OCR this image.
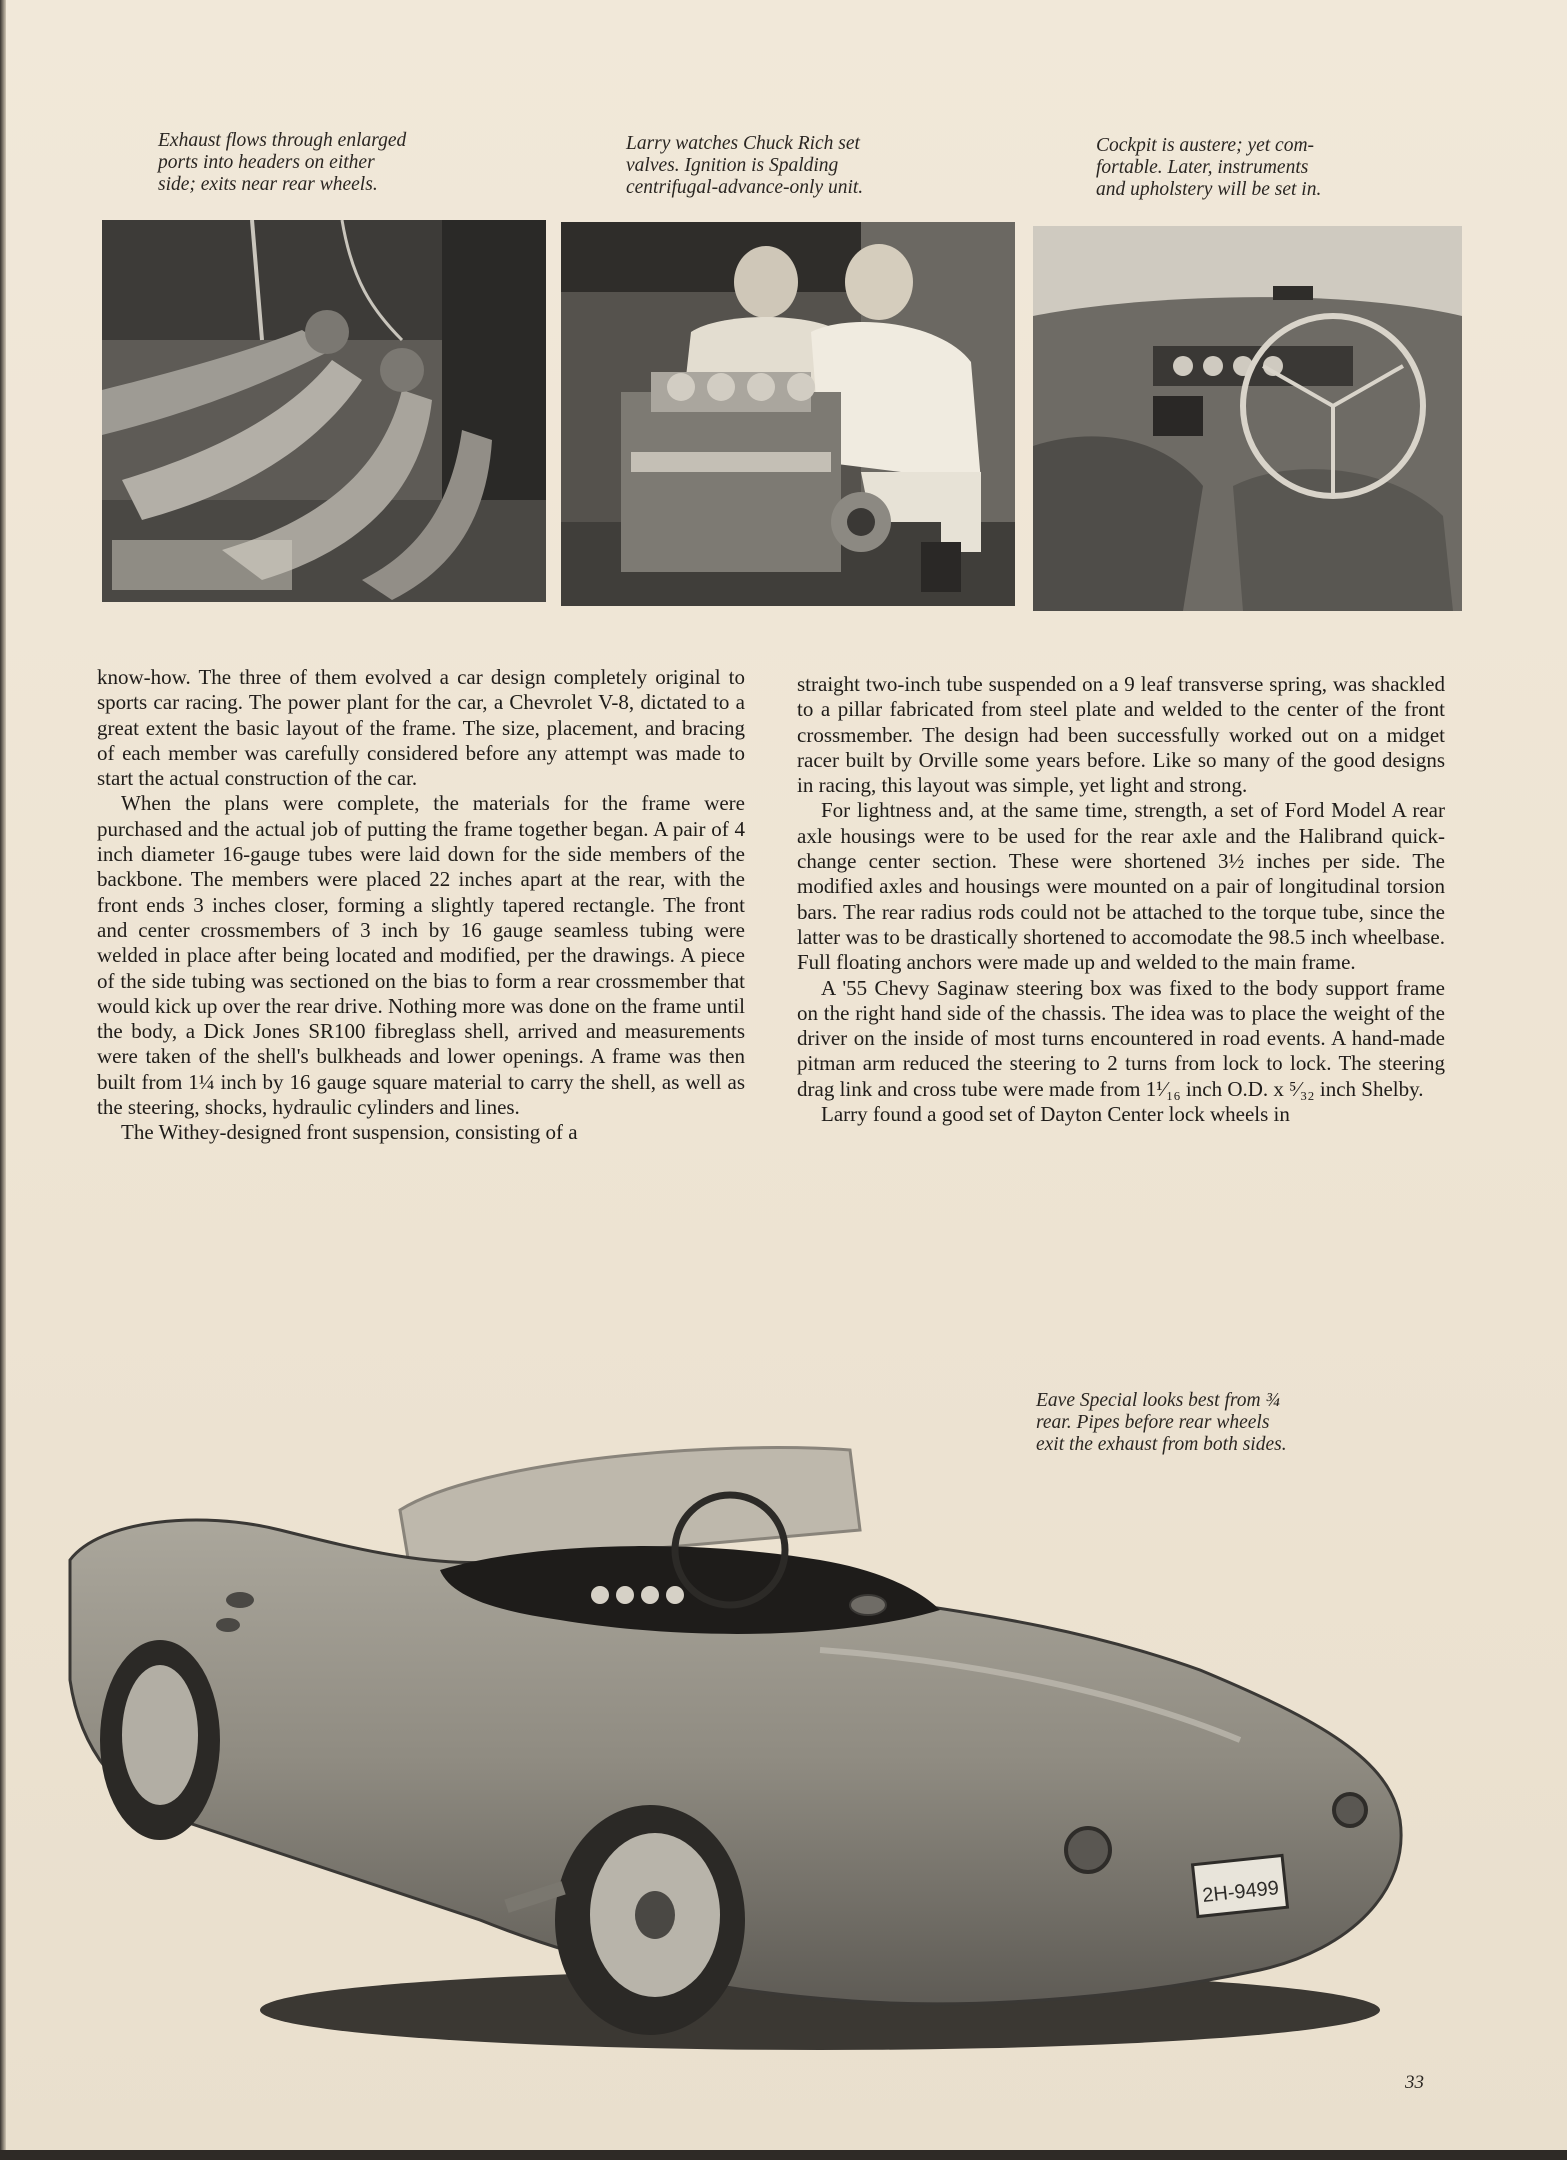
Exhaust flows through enlarged
ports into headers on either
side; exits near rear wheels.
Larry watches Chuck Rich set
valves. Ignition is Spalding
centrifugal-advance-only unit.
Cockpit is austere; yet com-
fortable. Later, instruments
and upholstery will be set in.

know-how. The three of them evolved a car design completely original to sports car racing. The power plant for the car, a Chevrolet V-8, dictated to a great extent the basic layout of the frame. The size, placement, and bracing of each member was carefully considered before any attempt was made to start the actual construction of the car.

When the plans were complete, the materials for the frame were purchased and the actual job of putting the frame together began. A pair of 4 inch diameter 16-gauge tubes were laid down for the side members of the backbone. The members were placed 22 inches apart at the rear, with the front ends 3 inches closer, forming a slightly tapered rectangle. The front and center crossmembers of 3 inch by 16 gauge seamless tubing were welded in place after being located and modified, per the drawings. A piece of the side tubing was sectioned on the bias to form a rear crossmember that would kick up over the rear drive. Nothing more was done on the frame until the body, a Dick Jones SR100 fibreglass shell, arrived and measurements were taken of the shell's bulkheads and lower openings. A frame was then built from 1¼ inch by 16 gauge square material to carry the shell, as well as the steering, shocks, hydraulic cylinders and lines.

The Withey-designed front suspension, consisting of a

straight two-inch tube suspended on a 9 leaf transverse spring, was shackled to a pillar fabricated from steel plate and welded to the center of the front crossmember. The design had been successfully worked out on a midget racer built by Orville some years before. Like so many of the good designs in racing, this layout was simple, yet light and strong.

For lightness and, at the same time, strength, a set of Ford Model A rear axle housings were to be used for the rear axle and the Halibrand quick-change center section. These were shortened 3½ inches per side. The modified axles and housings were mounted on a pair of longitudinal torsion bars. The rear radius rods could not be attached to the torque tube, since the latter was to be drastically shortened to accomodate the 98.5 inch wheelbase. Full floating anchors were made up and welded to the main frame.

A '55 Chevy Saginaw steering box was fixed to the body support frame on the right hand side of the chassis. The idea was to place the weight of the driver on the inside of most turns encountered in road events. A hand-made pitman arm reduced the steering to 2 turns from lock to lock. The steering drag link and cross tube were made from 1¹⁄₁₆ inch O.D. x ⁵⁄₃₂ inch Shelby.

Larry found a good set of Dayton Center lock wheels in

Eave Special looks best from ¾
rear. Pipes before rear wheels
exit the exhaust from both sides.
2H-9499
33
